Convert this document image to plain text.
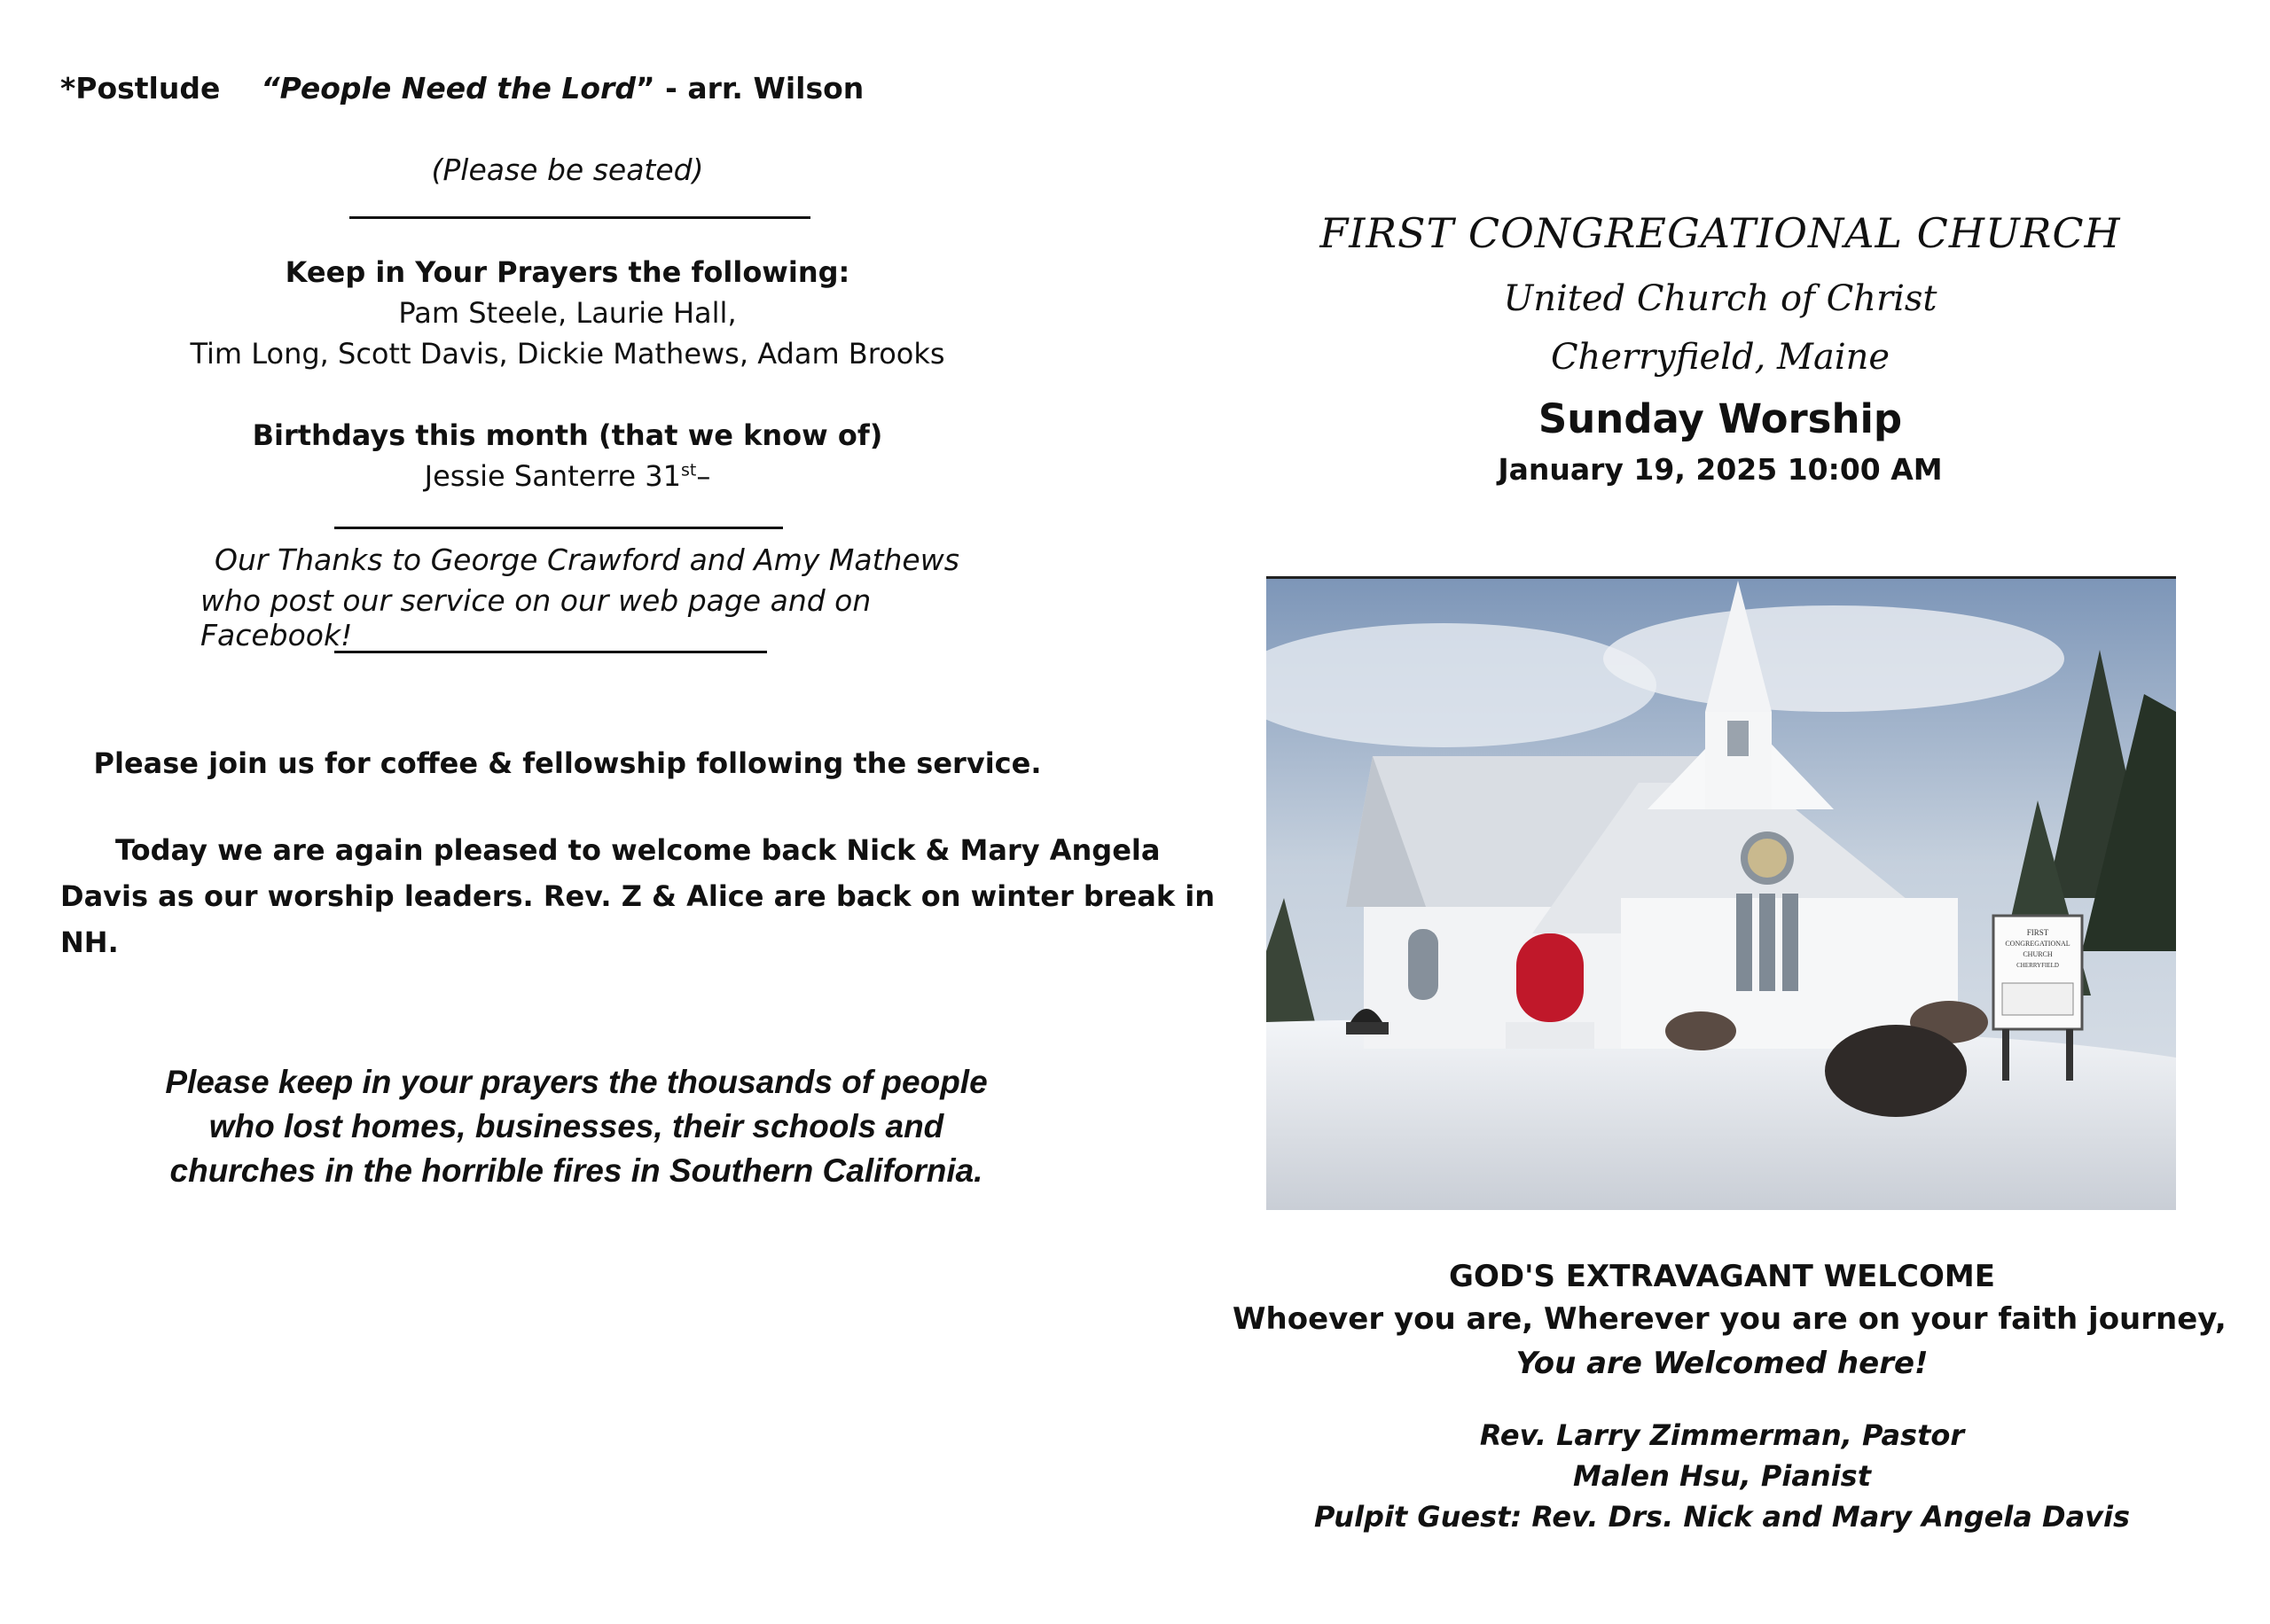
*Postlude “People Need the Lord” - arr. Wilson
(Please be seated)
Keep in Your Prayers the following:
Pam Steele, Laurie Hall,
Tim Long, Scott Davis, Dickie Mathews, Adam Brooks
Birthdays this month (that we know of)
Jessie Santerre 31st–
Our Thanks to George Crawford and Amy Mathews
who post our service on our web page and on Facebook!
Please join us for coffee & fellowship following the service.
Today we are again pleased to welcome back Nick & Mary Angela
Davis as our worship leaders. Rev. Z & Alice are back on winter break in
NH.
Please keep in your prayers the thousands of people
who lost homes, businesses, their schools and
churches in the horrible fires in Southern California.
FIRST CONGREGATIONAL CHURCH
United Church of Christ
Cherryfield, Maine
Sunday Worship
January 19, 2025 10:00 AM
FIRST
CONGREGATIONAL
CHURCH
CHERRYFIELD
GOD'S EXTRAVAGANT WELCOME
Whoever you are, Wherever you are on your faith journey,
You are Welcomed here!
Rev. Larry Zimmerman, Pastor
Malen Hsu, Pianist
Pulpit Guest: Rev. Drs. Nick and Mary Angela Davis
